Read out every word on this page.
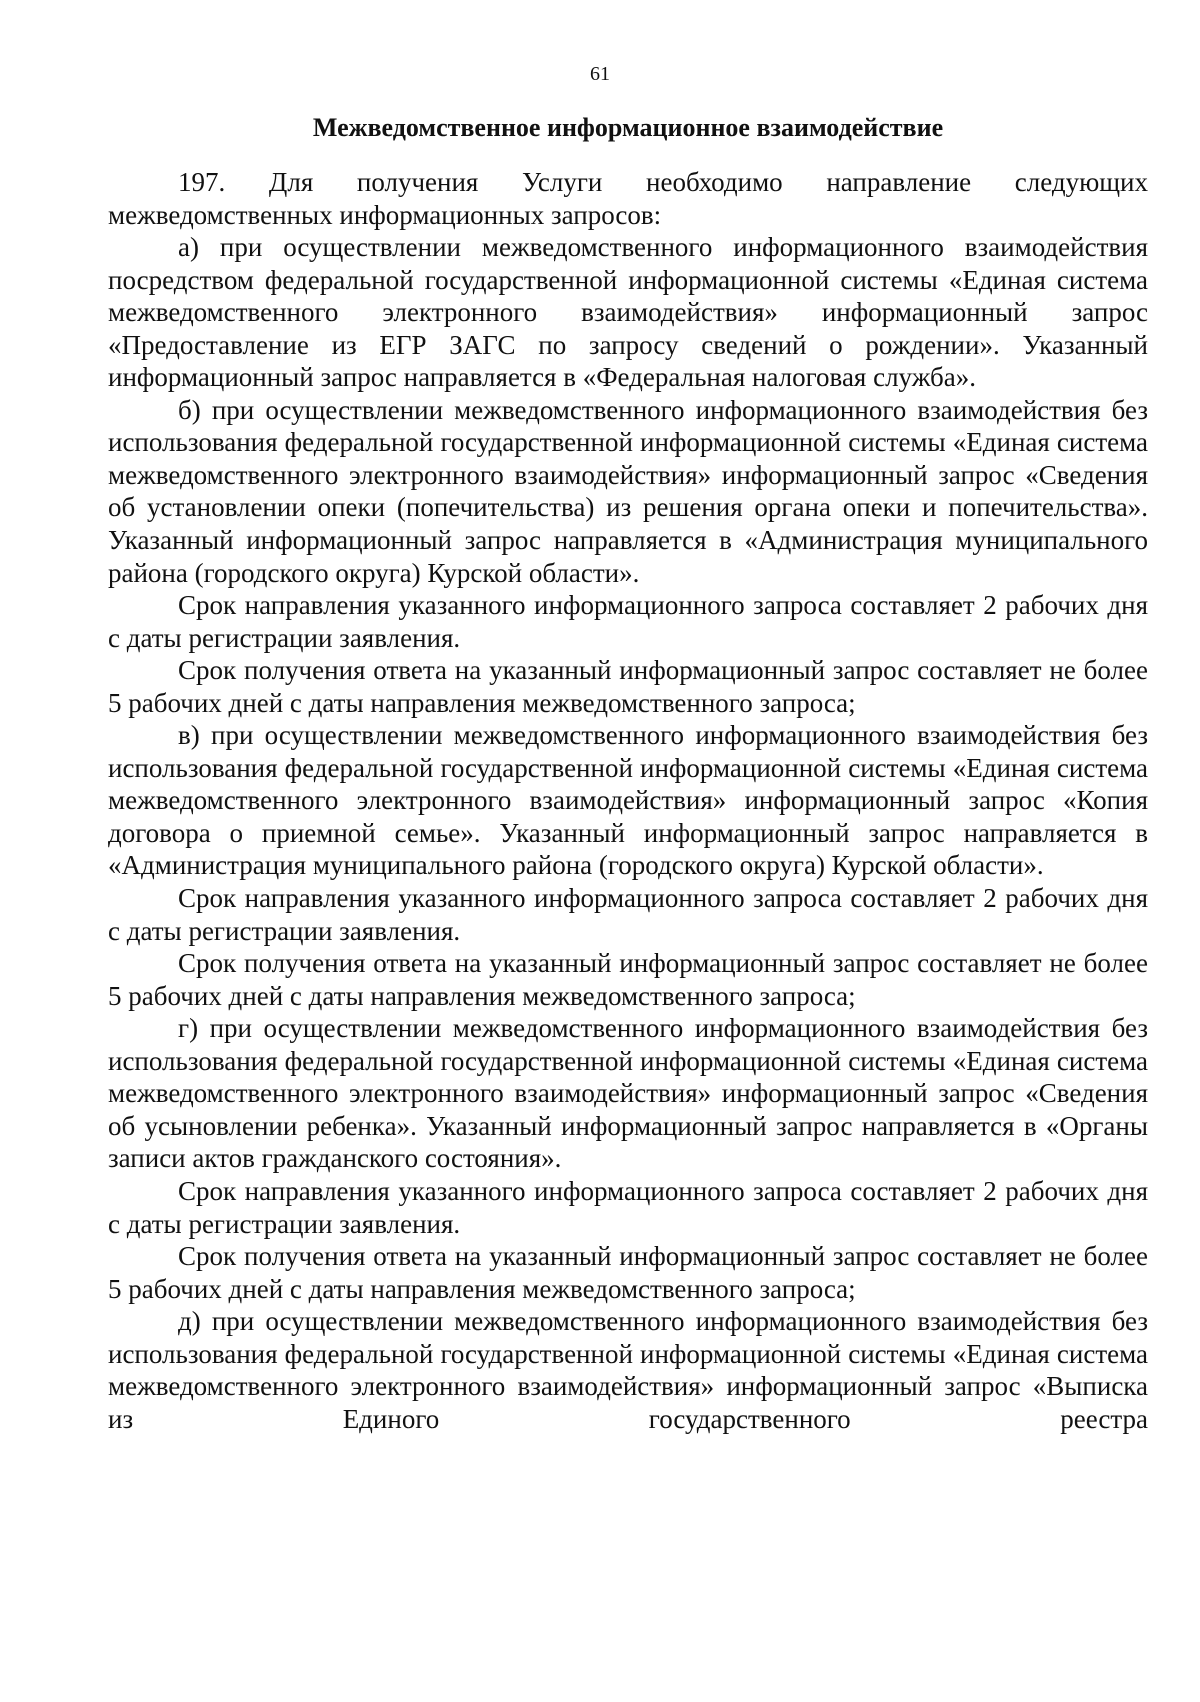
61
Межведомственное информационное взаимодействие

197. Для получения Услуги необходимо направление следующих межведомственных информационных запросов:

а) при осуществлении межведомственного информационного взаимодействия посредством федеральной государственной информационной системы «Единая система межведомственного электронного взаимодействия» информационный запрос «Предоставление из ЕГР ЗАГС по запросу сведений о рождении». Указанный информационный запрос направляется в «Федеральная налоговая служба».

б) при осуществлении межведомственного информационного взаимодействия без использования федеральной государственной информационной системы «Единая система межведомственного электронного взаимодействия» информационный запрос «Сведения об установлении опеки (попечительства) из решения органа опеки и попечительства». Указанный информационный запрос направляется в «Администрация муниципального района (городского округа) Курской области».

Срок направления указанного информационного запроса составляет 2 рабочих дня с даты регистрации заявления.

Срок получения ответа на указанный информационный запрос составляет не более 5 рабочих дней с даты направления межведомственного запроса;

в) при осуществлении межведомственного информационного взаимодействия без использования федеральной государственной информационной системы «Единая система межведомственного электронного взаимодействия» информационный запрос «Копия договора о приемной семье». Указанный информационный запрос направляется в «Администрация муниципального района (городского округа) Курской области».

Срок направления указанного информационного запроса составляет 2 рабочих дня с даты регистрации заявления.

Срок получения ответа на указанный информационный запрос составляет не более 5 рабочих дней с даты направления межведомственного запроса;

г) при осуществлении межведомственного информационного взаимодействия без использования федеральной государственной информационной системы «Единая система межведомственного электронного взаимодействия» информационный запрос «Сведения об усыновлении ребенка». Указанный информационный запрос направляется в «Органы записи актов гражданского состояния».

Срок направления указанного информационного запроса составляет 2 рабочих дня с даты регистрации заявления.

Срок получения ответа на указанный информационный запрос составляет не более 5 рабочих дней с даты направления межведомственного запроса;

д) при осуществлении межведомственного информационного взаимодействия без использования федеральной государственной информационной системы «Единая система межведомственного электронного взаимодействия» информационный запрос «Выписка из Единого государственного реестра
